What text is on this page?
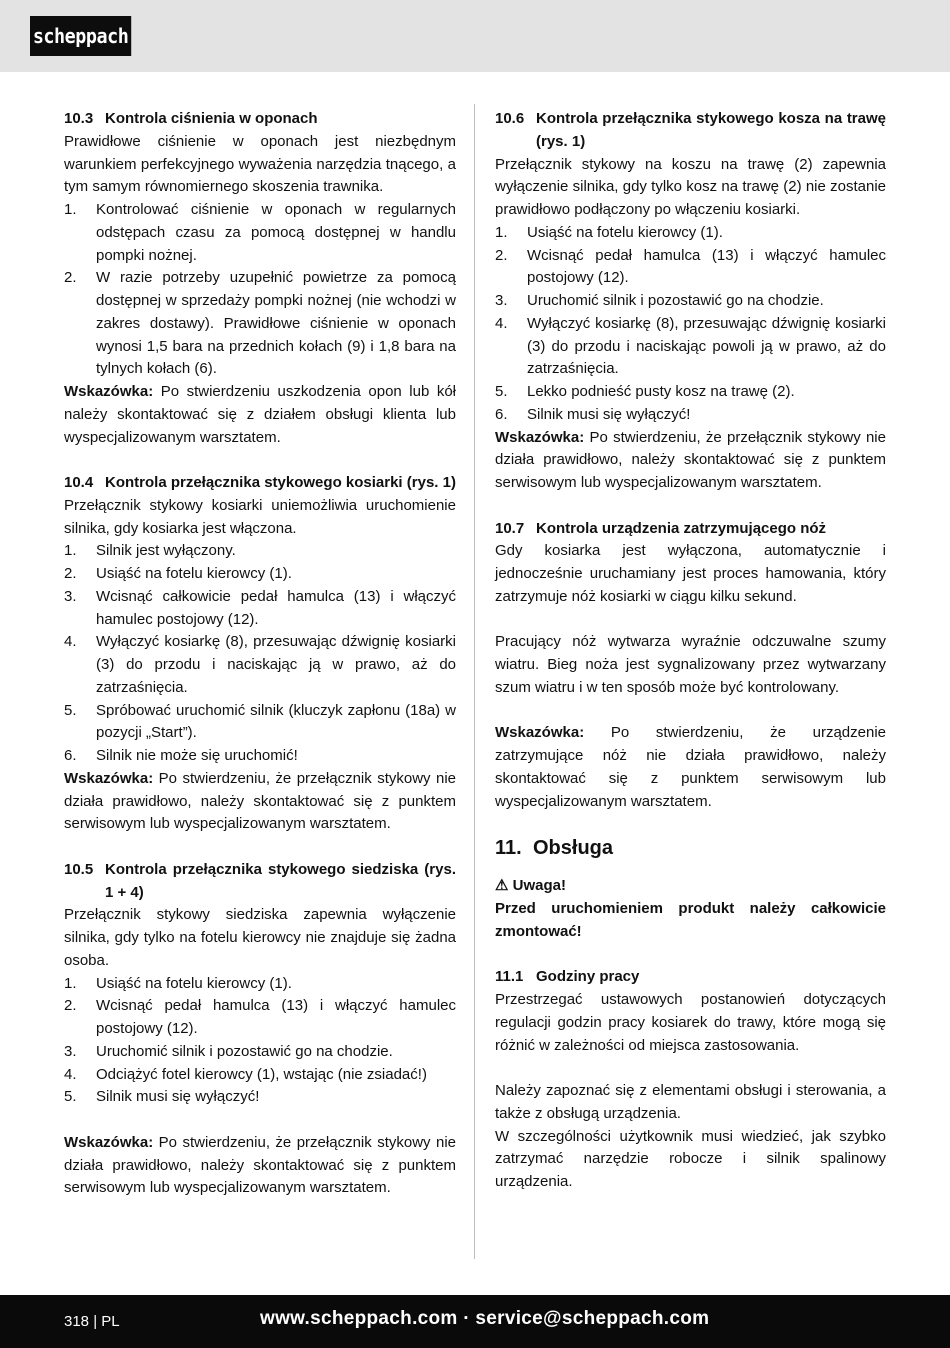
scheppach
10.3 Kontrola ciśnienia w oponach

Prawidłowe ciśnienie w oponach jest niezbędnym warunkiem perfekcyjnego wyważenia narzędzia tnącego, a tym samym równomiernego skoszenia trawnika.

1.	Kontrolować ciśnienie w oponach w regularnych odstępach czasu za pomocą dostępnej w handlu pompki nożnej.
2.	W razie potrzeby uzupełnić powietrze za pomocą dostępnej w sprzedaży pompki nożnej (nie wchodzi w zakres dostawy). Prawidłowe ciśnienie w oponach wynosi 1,5 bara na przednich kołach (9) i 1,8 bara na tylnych kołach (6).

Wskazówka: Po stwierdzeniu uszkodzenia opon lub kół należy skontaktować się z działem obsługi klienta lub wyspecjalizowanym warsztatem.

10.4 Kontrola przełącznika stykowego kosiarki (rys. 1)

Przełącznik stykowy kosiarki uniemożliwia uruchomienie silnika, gdy kosiarka jest włączona.

1.	Silnik jest wyłączony.
2.	Usiąść na fotelu kierowcy (1).
3.	Wcisnąć całkowicie pedał hamulca (13) i włączyć hamulec postojowy (12).
4.	Wyłączyć kosiarkę (8), przesuwając dźwignię kosiarki (3) do przodu i naciskając ją w prawo, aż do zatrzaśnięcia.
5.	Spróbować uruchomić silnik (kluczyk zapłonu (18a) w pozycji „Start”).
6.	Silnik nie może się uruchomić!

Wskazówka: Po stwierdzeniu, że przełącznik stykowy nie działa prawidłowo, należy skontaktować się z punktem serwisowym lub wyspecjalizowanym warsztatem.

10.5 Kontrola przełącznika stykowego siedziska (rys. 1 + 4)

Przełącznik stykowy siedziska zapewnia wyłączenie silnika, gdy tylko na fotelu kierowcy nie znajduje się żadna osoba.

1.	Usiąść na fotelu kierowcy (1).
2.	Wcisnąć pedał hamulca (13) i włączyć hamulec postojowy (12).
3.	Uruchomić silnik i pozostawić go na chodzie.
4.	Odciążyć fotel kierowcy (1), wstając (nie zsiadać!)
5.	Silnik musi się wyłączyć!

Wskazówka: Po stwierdzeniu, że przełącznik stykowy nie działa prawidłowo, należy skontaktować się z punktem serwisowym lub wyspecjalizowanym warsztatem.

10.6 Kontrola przełącznika stykowego kosza na trawę (rys. 1)

Przełącznik stykowy na koszu na trawę (2) zapewnia wyłączenie silnika, gdy tylko kosz na trawę (2) nie zostanie prawidłowo podłączony po włączeniu kosiarki.

1.	Usiąść na fotelu kierowcy (1).
2.	Wcisnąć pedał hamulca (13) i włączyć hamulec postojowy (12).
3.	Uruchomić silnik i pozostawić go na chodzie.
4.	Wyłączyć kosiarkę (8), przesuwając dźwignię kosiarki (3) do przodu i naciskając powoli ją w prawo, aż do zatrzaśnięcia.
5.	Lekko podnieść pusty kosz na trawę (2).
6.	Silnik musi się wyłączyć!

Wskazówka: Po stwierdzeniu, że przełącznik stykowy nie działa prawidłowo, należy skontaktować się z punktem serwisowym lub wyspecjalizowanym warsztatem.

10.7 Kontrola urządzenia zatrzymującego nóż

Gdy kosiarka jest wyłączona, automatycznie i jednocześnie uruchamiany jest proces hamowania, który zatrzymuje nóż kosiarki w ciągu kilku sekund.

Pracujący nóż wytwarza wyraźnie odczuwalne szumy wiatru. Bieg noża jest sygnalizowany przez wytwarzany szum wiatru i w ten sposób może być kontrolowany.

Wskazówka: Po stwierdzeniu, że urządzenie zatrzymujące nóż nie działa prawidłowo, należy skontaktować się z punktem serwisowym lub wyspecjalizowanym warsztatem.

11. Obsługa

⚠ Uwaga!

Przed uruchomieniem produkt należy całkowicie zmontować!

11.1 Godziny pracy

Przestrzegać ustawowych postanowień dotyczących regulacji godzin pracy kosiarek do trawy, które mogą się różnić w zależności od miejsca zastosowania.

Należy zapoznać się z elementami obsługi i sterowania, a także z obsługą urządzenia.

W szczególności użytkownik musi wiedzieć, jak szybko zatrzymać narzędzie robocze i silnik spalinowy urządzenia.

318 | PL	www.scheppach.com · service@scheppach.com
